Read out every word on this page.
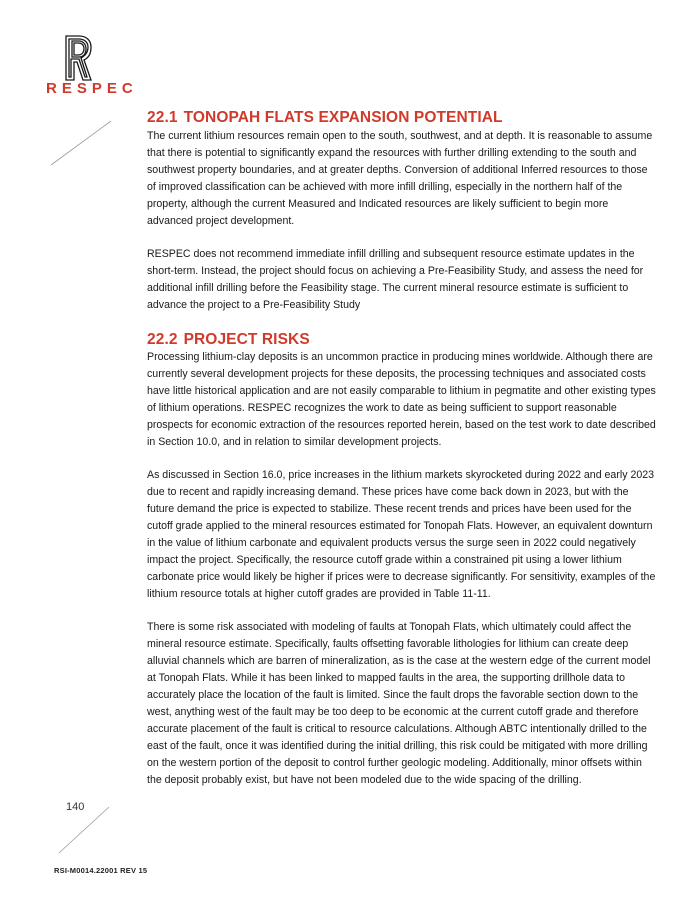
RESPEC
22.1 TONOPAH FLATS EXPANSION POTENTIAL

The current lithium resources remain open to the south, southwest, and at depth. It is reasonable to assume that there is potential to significantly expand the resources with further drilling extending to the south and southwest property boundaries, and at greater depths. Conversion of additional Inferred resources to those of improved classification can be achieved with more infill drilling, especially in the northern half of the property, although the current Measured and Indicated resources are likely sufficient to begin more advanced project development.

RESPEC does not recommend immediate infill drilling and subsequent resource estimate updates in the short-term. Instead, the project should focus on achieving a Pre-Feasibility Study, and assess the need for additional infill drilling before the Feasibility stage. The current mineral resource estimate is sufficient to advance the project to a Pre-Feasibility Study

22.2 PROJECT RISKS

Processing lithium-clay deposits is an uncommon practice in producing mines worldwide. Although there are currently several development projects for these deposits, the processing techniques and associated costs have little historical application and are not easily comparable to lithium in pegmatite and other existing types of lithium operations. RESPEC recognizes the work to date as being sufficient to support reasonable prospects for economic extraction of the resources reported herein, based on the test work to date described in Section 10.0, and in relation to similar development projects.

As discussed in Section 16.0, price increases in the lithium markets skyrocketed during 2022 and early 2023 due to recent and rapidly increasing demand. These prices have come back down in 2023, but with the future demand the price is expected to stabilize. These recent trends and prices have been used for the cutoff grade applied to the mineral resources estimated for Tonopah Flats. However, an equivalent downturn in the value of lithium carbonate and equivalent products versus the surge seen in 2022 could negatively impact the project. Specifically, the resource cutoff grade within a constrained pit using a lower lithium carbonate price would likely be higher if prices were to decrease significantly. For sensitivity, examples of the lithium resource totals at higher cutoff grades are provided in Table 11-11.

There is some risk associated with modeling of faults at Tonopah Flats, which ultimately could affect the mineral resource estimate. Specifically, faults offsetting favorable lithologies for lithium can create deep alluvial channels which are barren of mineralization, as is the case at the western edge of the current model at Tonopah Flats. While it has been linked to mapped faults in the area, the supporting drillhole data to accurately place the location of the fault is limited. Since the fault drops the favorable section down to the west, anything west of the fault may be too deep to be economic at the current cutoff grade and therefore accurate placement of the fault is critical to resource calculations. Although ABTC intentionally drilled to the east of the fault, once it was identified during the initial drilling, this risk could be mitigated with more drilling on the western portion of the deposit to control further geologic modeling. Additionally, minor offsets within the deposit probably exist, but have not been modeled due to the wide spacing of the drilling.

140
RSI-M0014.22001 REV 15
